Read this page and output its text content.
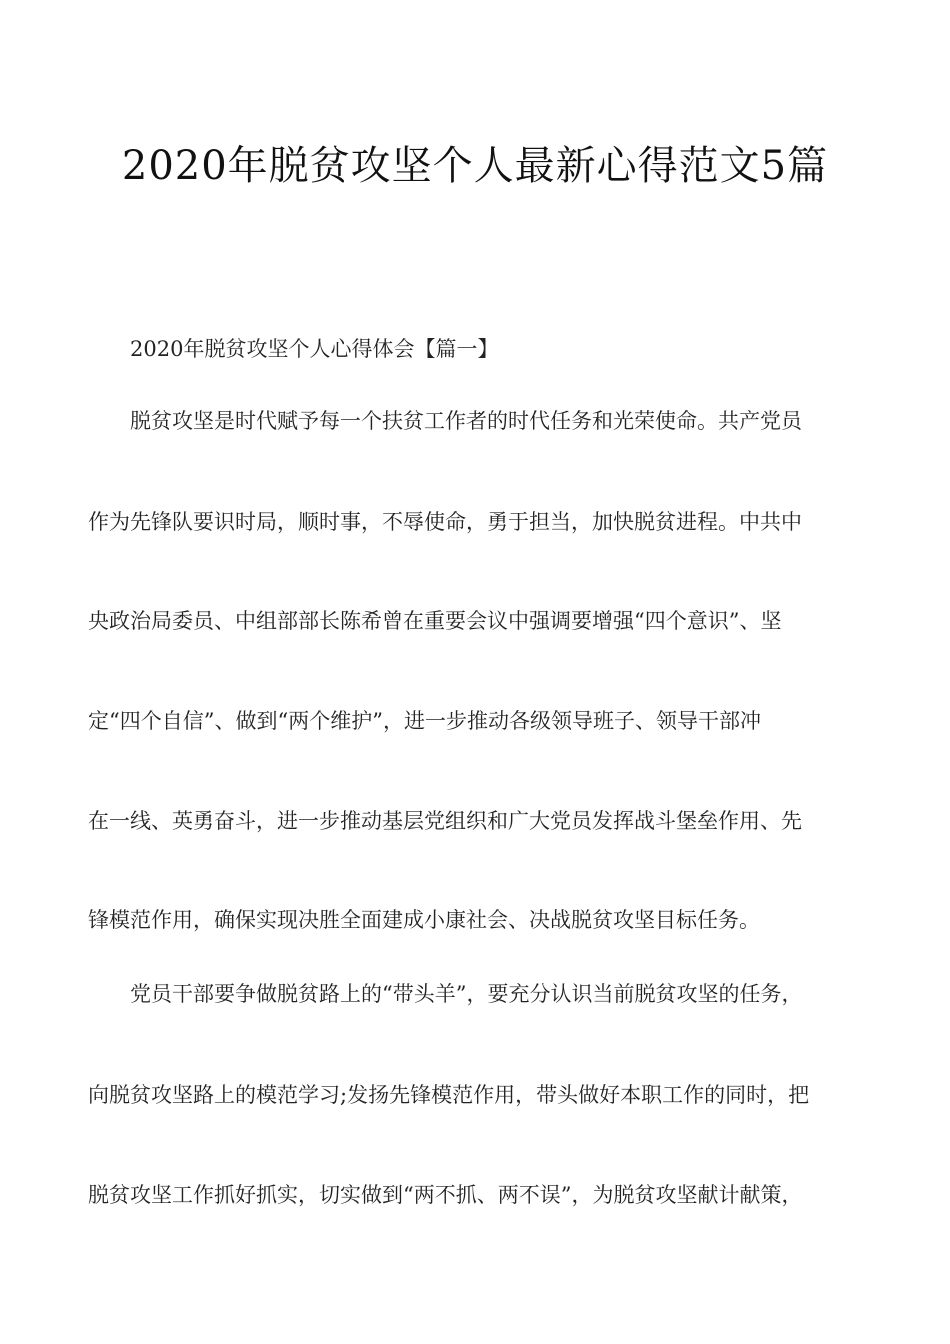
2020年脱贫攻坚个人最新心得范文5篇

2020年脱贫攻坚个人心得体会【篇一】

脱贫攻坚是时代赋予每一个扶贫工作者的时代任务和光荣使命。共产党员

作为先锋队要识时局，顺时事，不辱使命，勇于担当，加快脱贫进程。中共中

央政治局委员、中组部部长陈希曾在重要会议中强调要增强“四个意识”、坚

定“四个自信”、做到“两个维护”，进一步推动各级领导班子、领导干部冲

在一线、英勇奋斗，进一步推动基层党组织和广大党员发挥战斗堡垒作用、先

锋模范作用，确保实现决胜全面建成小康社会、决战脱贫攻坚目标任务。

党员干部要争做脱贫路上的“带头羊”，要充分认识当前脱贫攻坚的任务，

向脱贫攻坚路上的模范学习;发扬先锋模范作用，带头做好本职工作的同时，把

脱贫攻坚工作抓好抓实，切实做到“两不抓、两不误”，为脱贫攻坚献计献策，
